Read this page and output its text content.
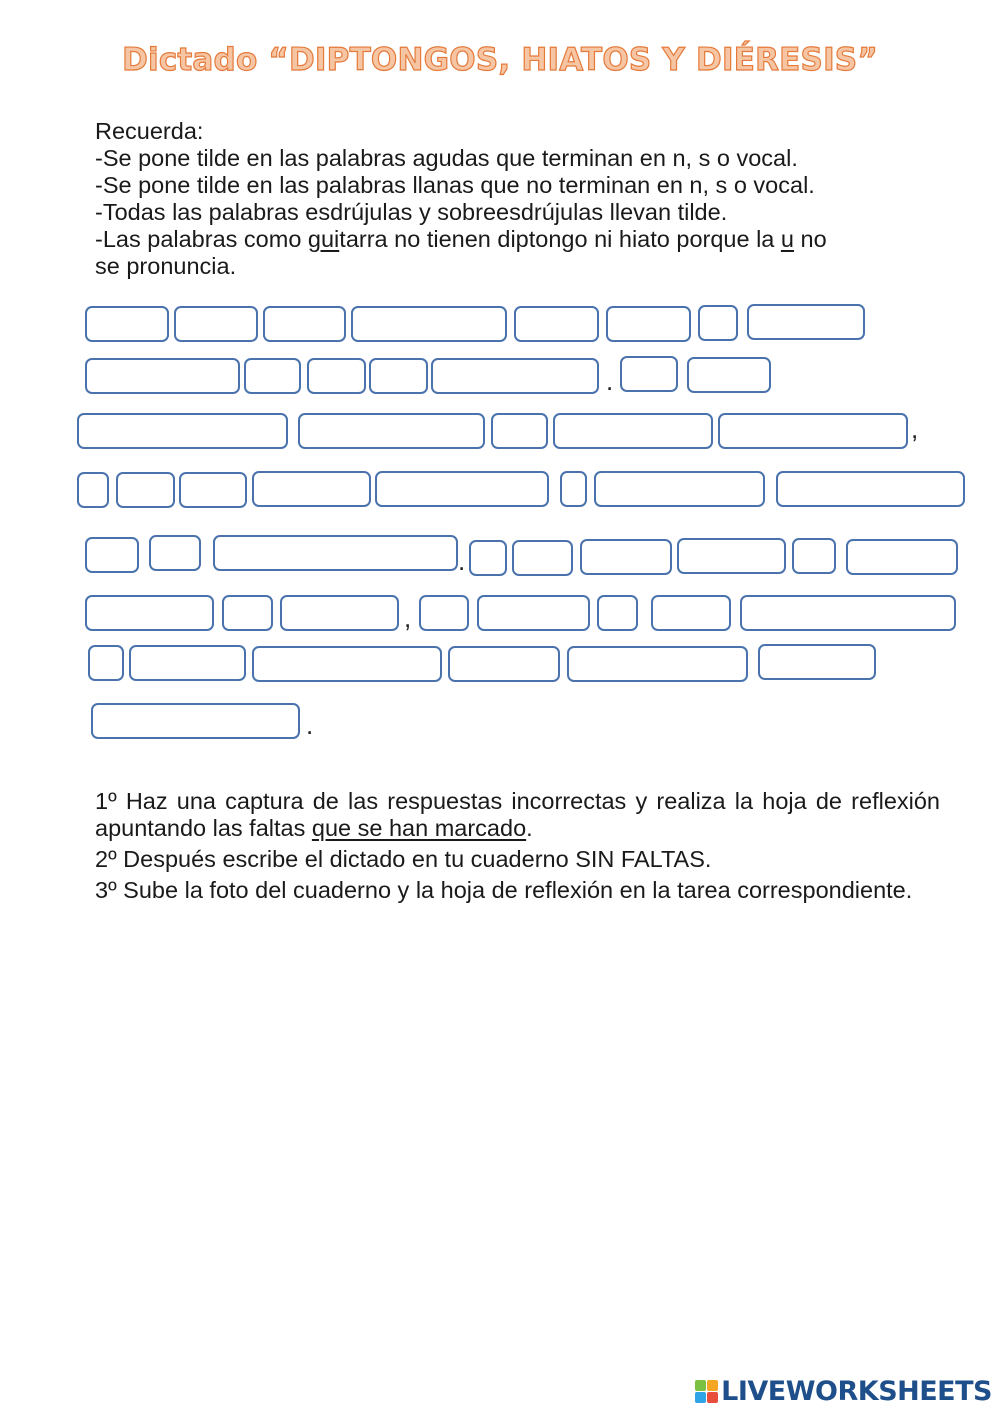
Dictado “DIPTONGOS, HIATOS Y DIÉRESIS”
Recuerda:
-Se pone tilde en las palabras agudas que terminan en n, s o vocal.
-Se pone tilde en las palabras llanas que no terminan en n, s o vocal.
-Todas las palabras esdrújulas y sobreesdrújulas llevan tilde.
-Las palabras como guitarra no tienen diptongo ni hiato porque la u no
se pronuncia.
.
,
.
,
.

1º Haz una captura de las respuestas incorrectas y realiza la hoja de reflexión apuntando las faltas que se han marcado.

2º Después escribe el dictado en tu cuaderno SIN FALTAS.

3º Sube la foto del cuaderno y la hoja de reflexión en la tarea correspondiente.

LIVEWORKSHEETS
